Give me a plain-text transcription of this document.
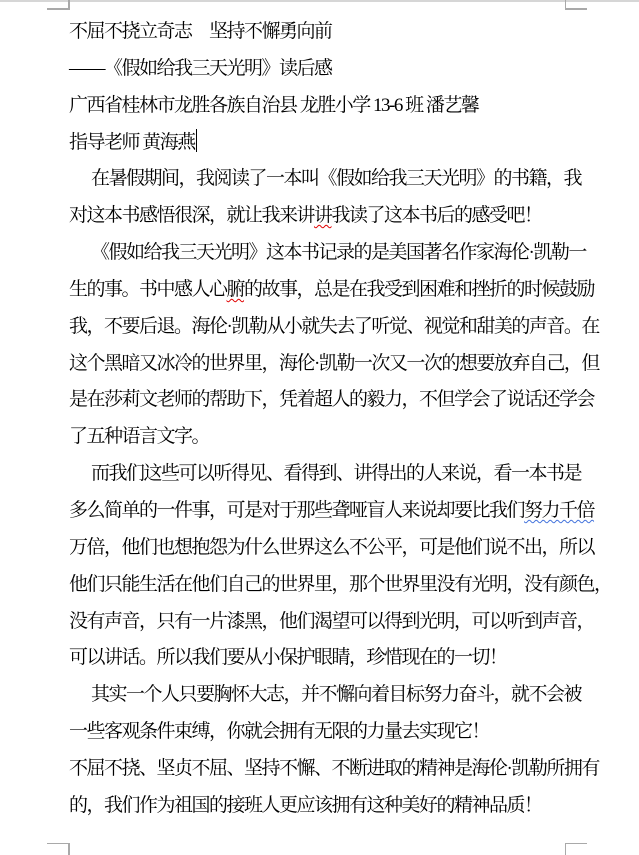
不屈不挠立奇志　坚持不懈勇向前
——《假如给我三天光明》读后感
广西省桂林市龙胜各族自治县 龙胜小学 13-6 班 潘艺馨
指导老师 黄海燕
在暑假期间，我阅读了一本叫《假如给我三天光明》的书籍，我
对这本书感悟很深，就让我来讲讲我读了这本书后的感受吧！
《假如给我三天光明》这本书记录的是美国著名作家海伦·凯勒一
生的事。书中感人心腑的故事，总是在我受到困难和挫折的时候鼓励
我，不要后退。海伦·凯勒从小就失去了听觉、视觉和甜美的声音。在
这个黑暗又冰冷的世界里，海伦·凯勒一次又一次的想要放弃自己，但
是在莎莉文老师的帮助下，凭着超人的毅力，不但学会了说话还学会
了五种语言文字。
而我们这些可以听得见、看得到、讲得出的人来说，看一本书是
多么简单的一件事，可是对于那些聋哑盲人来说却要比我们努力千倍
万倍，他们也想抱怨为什么世界这么不公平，可是他们说不出，所以
他们只能生活在他们自己的世界里，那个世界里没有光明，没有颜色，
没有声音，只有一片漆黑，他们渴望可以得到光明，可以听到声音，
可以讲话。所以我们要从小保护眼睛，珍惜现在的一切！
其实一个人只要胸怀大志，并不懈向着目标努力奋斗，就不会被
一些客观条件束缚，你就会拥有无限的力量去实现它！
不屈不挠、坚贞不屈、坚持不懈、不断进取的精神是海伦·凯勒所拥有
的，我们作为祖国的接班人更应该拥有这种美好的精神品质！
